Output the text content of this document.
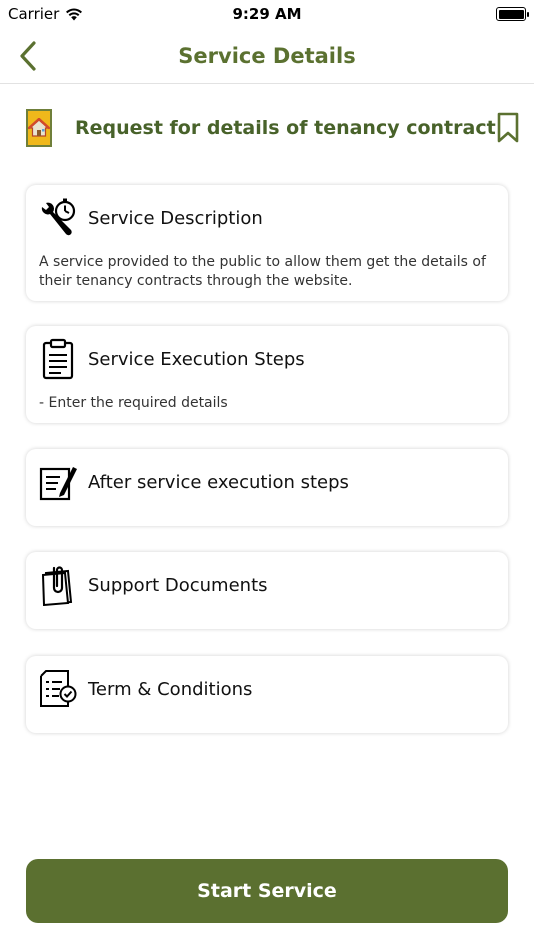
Carrier	9:29 AM
Service Details
Request for details of tenancy contract
Service Description
A service provided to the public to allow them get the details of their tenancy contracts through the website.
Service Execution Steps
- Enter the required details
After service execution steps
Support Documents
Term & Conditions
Start Service
